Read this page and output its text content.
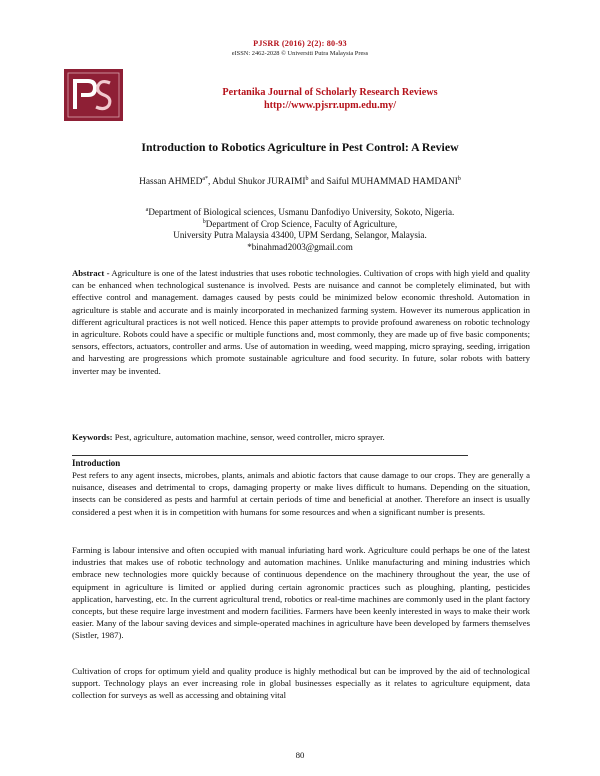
PJSRR (2016) 2(2): 80-93
eISSN: 2462-2028 © Universiti Putra Malaysia Press
Pertanika Journal of Scholarly Research Reviews
http://www.pjsrr.upm.edu.my/
Introduction to Robotics Agriculture in Pest Control: A Review
Hassan $AHMED^{a*}$, Abdul Shukor JURAIMI$^b$ and Saiful MUHAMMAD HAMDANI$^b$
$^a$Department of Biological sciences, Usmanu Danfodiyo University, Sokoto, Nigeria.
$^b$Department of Crop Science, Faculty of Agriculture,
University Putra Malaysia 43400, UPM Serdang, Selangor, Malaysia.
*binahmad2003@gmail.com
Abstract - Agriculture is one of the latest industries that uses robotic technologies. Cultivation of crops with high yield and quality can be enhanced when technological sustenance is involved. Pests are nuisance and cannot be completely eliminated, but with effective control and management. damages caused by pests could be minimized below economic threshold. Automation in agriculture is stable and accurate and is mainly incorporated in mechanized farming system. However its numerous application in different agricultural practices is not well noticed. Hence this paper attempts to provide profound awareness on robotic technology in agriculture. Robots could have a specific or multiple functions and, most commonly, they are made up of five basic components; sensors, effectors, actuators, controller and arms. Use of automation in weeding, weed mapping, micro spraying, seeding, irrigation and harvesting are progressions which promote sustainable agriculture and food security. In future, solar robots with battery inverter may be invented.
Keywords: Pest, agriculture, automation machine, sensor, weed controller, micro sprayer.
Introduction
Pest refers to any agent insects, microbes, plants, animals and abiotic factors that cause damage to our crops. They are generally a nuisance, diseases and detrimental to crops, damaging property or make lives difficult to humans. Depending on the situation, insects can be considered as pests and harmful at certain periods of time and beneficial at another. Therefore an insect is usually considered a pest when it is in competition with humans for some resources and when a significant number is presents.
Farming is labour intensive and often occupied with manual infuriating hard work. Agriculture could perhaps be one of the latest industries that makes use of robotic technology and automation machines. Unlike manufacturing and mining industries which embrace new technologies more quickly because of continuous dependence on the machinery throughout the year, the use of equipment in agriculture is limited or applied during certain agronomic practices such as ploughing, planting, pesticides application, harvesting, etc. In the current agricultural trend, robotics or real-time machines are commonly used in the plant factory concepts, but these require large investment and modern facilities. Farmers have been keenly interested in ways to make their work easier. Many of the labour saving devices and simple-operated machines in agriculture have been developed by farmers themselves (Sistler, 1987).
Cultivation of crops for optimum yield and quality produce is highly methodical but can be improved by the aid of technological support. Technology plays an ever increasing role in global businesses especially as it relates to agriculture equipment, data collection for surveys as well as accessing and obtaining vital
80
